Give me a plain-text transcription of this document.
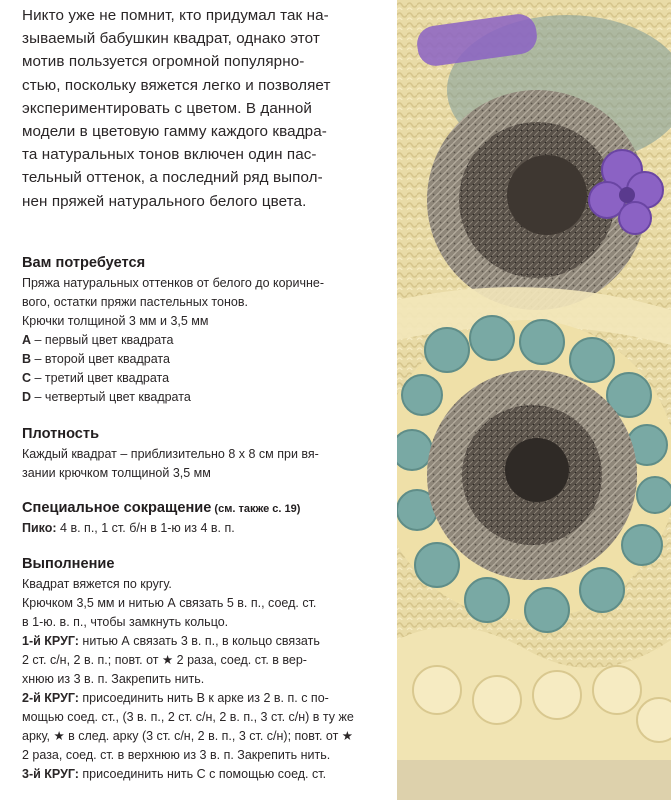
Никто уже не помнит, кто придумал так на-
зываемый бабушкин квадрат, однако этот
мотив пользуется огромной популярно-
стью, поскольку вяжется легко и позволяет
экспериментировать с цветом. В данной
модели в цветовую гамму каждого квадра-
та натуральных тонов включен один пас-
тельный оттенок, а последний ряд выпол-
нен пряжей натурального белого цвета.
Вам потребуется
Пряжа натуральных оттенков от белого до коричне-
вого, остатки пряжи пастельных тонов.
Крючки толщиной 3 мм и 3,5 мм
A – первый цвет квадрата
B – второй цвет квадрата
C – третий цвет квадрата
D – четвертый цвет квадрата
Плотность
Каждый квадрат – приблизительно 8 х 8 см при вя-
зании крючком толщиной 3,5 мм
Специальное сокращение (см. также с. 19)
Пико: 4 в. п., 1 ст. б/н в 1-ю из 4 в. п.
Выполнение
Квадрат вяжется по кругу.
Крючком 3,5 мм и нитью А связать 5 в. п., соед. ст.
в 1-ю. в. п., чтобы замкнуть кольцо.
1-й КРУГ: нитью А связать 3 в. п., в кольцо связать
2 ст. с/н, 2 в. п.; повт. от ★ 2 раза, соед. ст. в вер-
хнюю из 3 в. п. Закрепить нить.
2-й КРУГ: присоединить нить В к арке из 2 в. п. с по-
мощью соед. ст., (3 в. п., 2 ст. с/н, 2 в. п., 3 ст. с/н) в ту же
арку, ★ в след. арку (3 ст. с/н, 2 в. п., 3 ст. с/н); повт. от ★
2 раза, соед. ст. в верхнюю из 3 в. п. Закрепить нить.
3-й КРУГ: присоединить нить С с помощью соед. ст.
